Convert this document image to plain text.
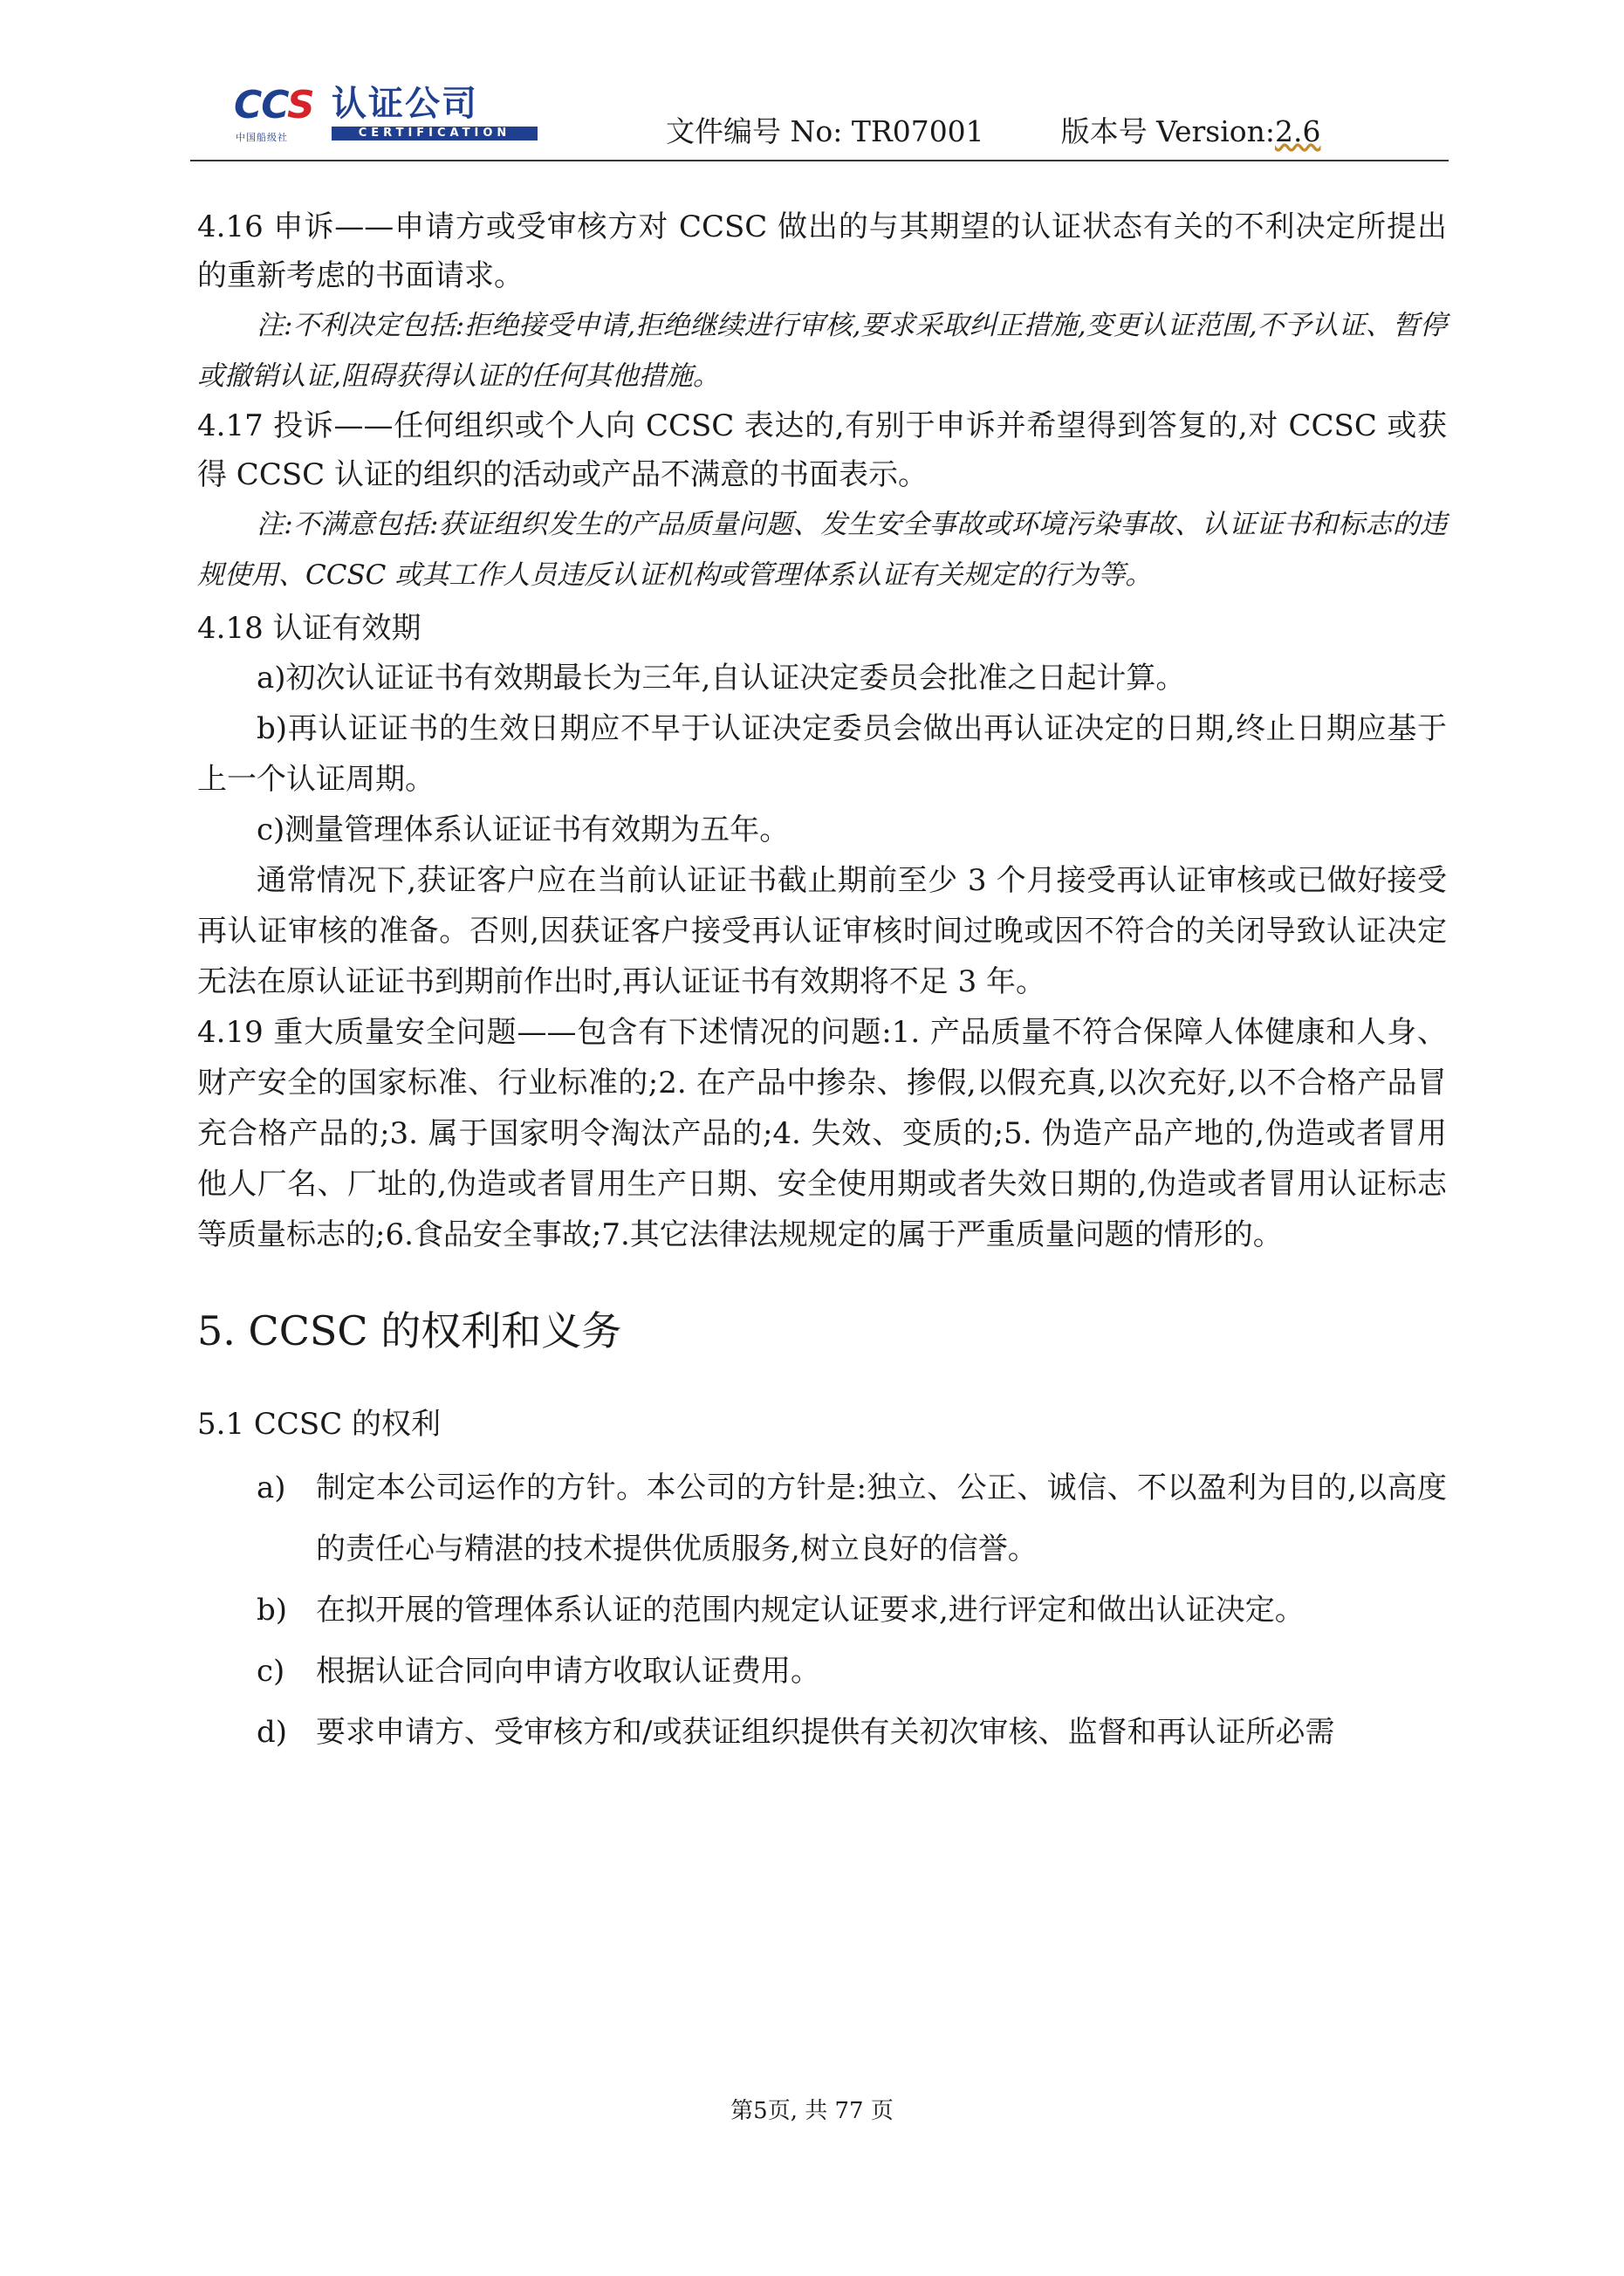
CCS 认证公司
中国船级社	CERTIFICATION	文件编号 No: TR07001	版本号 Version:2.6

4.16 申诉——申请方或受审核方对 CCSC 做出的与其期望的认证状态有关的不利决定所提出的重新考虑的书面请求。

注:不利决定包括:拒绝接受申请,拒绝继续进行审核,要求采取纠正措施,变更认证范围,不予认证、暂停或撤销认证,阻碍获得认证的任何其他措施。

4.17 投诉——任何组织或个人向 CCSC 表达的,有别于申诉并希望得到答复的,对 CCSC 或获得 CCSC 认证的组织的活动或产品不满意的书面表示。

注:不满意包括:获证组织发生的产品质量问题、发生安全事故或环境污染事故、认证证书和标志的违规使用、CCSC 或其工作人员违反认证机构或管理体系认证有关规定的行为等。

4.18 认证有效期

a)初次认证证书有效期最长为三年,自认证决定委员会批准之日起计算。

b)再认证证书的生效日期应不早于认证决定委员会做出再认证决定的日期,终止日期应基于上一个认证周期。

c)测量管理体系认证证书有效期为五年。

通常情况下,获证客户应在当前认证证书截止期前至少 3 个月接受再认证审核或已做好接受再认证审核的准备。否则,因获证客户接受再认证审核时间过晚或因不符合的关闭导致认证决定无法在原认证证书到期前作出时,再认证证书有效期将不足 3 年。

4.19 重大质量安全问题——包含有下述情况的问题:1. 产品质量不符合保障人体健康和人身、财产安全的国家标准、行业标准的;2. 在产品中掺杂、掺假,以假充真,以次充好,以不合格产品冒充合格产品的;3. 属于国家明令淘汰产品的;4. 失效、变质的;5. 伪造产品产地的,伪造或者冒用他人厂名、厂址的,伪造或者冒用生产日期、安全使用期或者失效日期的,伪造或者冒用认证标志等质量标志的;6.食品安全事故;7.其它法律法规规定的属于严重质量问题的情形的。

5. CCSC 的权利和义务

5.1 CCSC 的权利

a) 制定本公司运作的方针。本公司的方针是:独立、公正、诚信、不以盈利为目的,以高度的责任心与精湛的技术提供优质服务,树立良好的信誉。
b) 在拟开展的管理体系认证的范围内规定认证要求,进行评定和做出认证决定。
c) 根据认证合同向申请方收取认证费用。
d) 要求申请方、受审核方和/或获证组织提供有关初次审核、监督和再认证所必需
第5页, 共 77 页
